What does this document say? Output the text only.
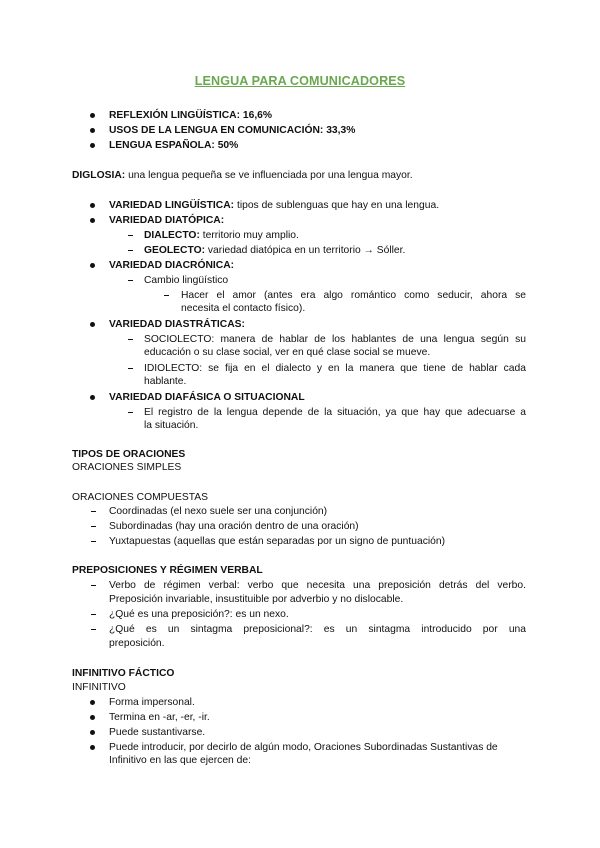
LENGUA PARA COMUNICADORES
REFLEXIÓN LINGÜÍSTICA: 16,6%
USOS DE LA LENGUA EN COMUNICACIÓN: 33,3%
LENGUA ESPAÑOLA: 50%
DIGLOSIA: una lengua pequeña se ve influenciada por una lengua mayor.
VARIEDAD LINGÜÍSTICA: tipos de sublenguas que hay en una lengua.
VARIEDAD DIATÓPICA:
DIALECTO: territorio muy amplio.
GEOLECTO: variedad diatópica en un territorio → Sóller.
VARIEDAD DIACRÓNICA:
Cambio lingüístico
Hacer el amor (antes era algo romántico como seducir, ahora se
necesita el contacto físico).
VARIEDAD DIASTRÁTICAS:
SOCIOLECTO: manera de hablar de los hablantes de una lengua según su
educación o su clase social, ver en qué clase social se mueve.
IDIOLECTO: se fija en el dialecto y en la manera que tiene de hablar cada
hablante.
VARIEDAD DIAFÁSICA O SITUACIONAL
El registro de la lengua depende de la situación, ya que hay que adecuarse a
la situación.
TIPOS DE ORACIONES
ORACIONES SIMPLES
ORACIONES COMPUESTAS
Coordinadas (el nexo suele ser una conjunción)
Subordinadas (hay una oración dentro de una oración)
Yuxtapuestas (aquellas que están separadas por un signo de puntuación)
PREPOSICIONES Y RÉGIMEN VERBAL
Verbo de régimen verbal: verbo que necesita una preposición detrás del verbo.
Preposición invariable, insustituible por adverbio y no dislocable.
¿Qué es una preposición?: es un nexo.
¿Qué es un sintagma preposicional?: es un sintagma introducido por una
preposición.
INFINITIVO FÁCTICO
INFINITIVO
Forma impersonal.
Termina en -ar, -er, -ir.
Puede sustantivarse.
Puede introducir, por decirlo de algún modo, Oraciones Subordinadas Sustantivas de
Infinitivo en las que ejercen de:
